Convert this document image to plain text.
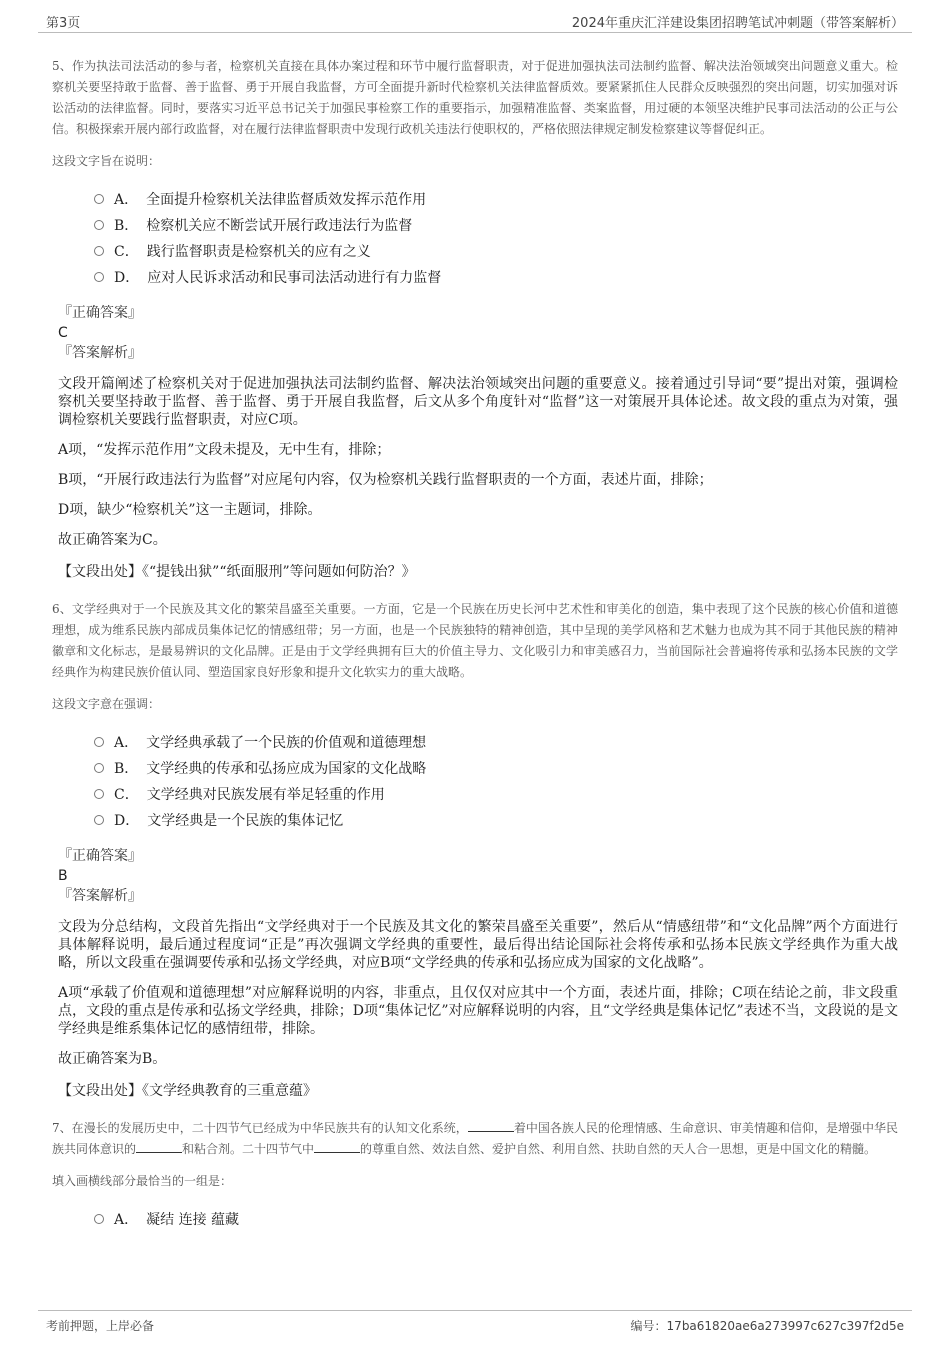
第3页	2024年重庆汇洋建设集团招聘笔试冲刺题（带答案解析）

5、作为执法司法活动的参与者，检察机关直接在具体办案过程和环节中履行监督职责，对于促进加强执法司法制约监督、解决法治领域突出问题意义重大。检察机关要坚持敢于监督、善于监督、勇于开展自我监督，方可全面提升新时代检察机关法律监督质效。要紧紧抓住人民群众反映强烈的突出问题，切实加强对诉讼活动的法律监督。同时，要落实习近平总书记关于加强民事检察工作的重要指示，加强精准监督、类案监督，用过硬的本领坚决维护民事司法活动的公正与公信。积极探索开展内部行政监督，对在履行法律监督职责中发现行政机关违法行使职权的，严格依照法律规定制发检察建议等督促纠正。

这段文字旨在说明：

A． 全面提升检察机关法律监督质效发挥示范作用
B． 检察机关应不断尝试开展行政违法行为监督
C． 践行监督职责是检察机关的应有之义
D． 应对人民诉求活动和民事司法活动进行有力监督
『正确答案』
C
『答案解析』

文段开篇阐述了检察机关对于促进加强执法司法制约监督、解决法治领域突出问题的重要意义。接着通过引导词“要”提出对策，强调检察机关要坚持敢于监督、善于监督、勇于开展自我监督，后文从多个角度针对“监督”这一对策展开具体论述。故文段的重点为对策，强调检察机关要践行监督职责，对应C项。

A项，“发挥示范作用”文段未提及，无中生有，排除；

B项，“开展行政违法行为监督”对应尾句内容，仅为检察机关践行监督职责的一个方面，表述片面，排除；

D项，缺少“检察机关”这一主题词，排除。

故正确答案为C。

【文段出处】《“提钱出狱”“纸面服刑”等问题如何防治？》

6、文学经典对于一个民族及其文化的繁荣昌盛至关重要。一方面，它是一个民族在历史长河中艺术性和审美化的创造，集中表现了这个民族的核心价值和道德理想，成为维系民族内部成员集体记忆的情感纽带；另一方面，也是一个民族独特的精神创造，其中呈现的美学风格和艺术魅力也成为其不同于其他民族的精神徽章和文化标志，是最易辨识的文化品牌。正是由于文学经典拥有巨大的价值主导力、文化吸引力和审美感召力，当前国际社会普遍将传承和弘扬本民族的文学经典作为构建民族价值认同、塑造国家良好形象和提升文化软实力的重大战略。

这段文字意在强调：

A． 文学经典承载了一个民族的价值观和道德理想
B． 文学经典的传承和弘扬应成为国家的文化战略
C． 文学经典对民族发展有举足轻重的作用
D． 文学经典是一个民族的集体记忆
『正确答案』
B
『答案解析』

文段为分总结构，文段首先指出“文学经典对于一个民族及其文化的繁荣昌盛至关重要”，然后从“情感纽带”和“文化品牌”两个方面进行具体解释说明，最后通过程度词“正是”再次强调文学经典的重要性，最后得出结论国际社会将传承和弘扬本民族文学经典作为重大战略，所以文段重在强调要传承和弘扬文学经典，对应B项“文学经典的传承和弘扬应成为国家的文化战略”。

A项“承载了价值观和道德理想”对应解释说明的内容，非重点，且仅仅对应其中一个方面，表述片面，排除；C项在结论之前，非文段重点，文段的重点是传承和弘扬文学经典，排除；D项“集体记忆”对应解释说明的内容，且“文学经典是集体记忆”表述不当，文段说的是文学经典是维系集体记忆的感情纽带，排除。

故正确答案为B。

【文段出处】《文学经典教育的三重意蕴》

7、在漫长的发展历史中，二十四节气已经成为中华民族共有的认知文化系统，	着中国各族人民的伦理情感、生命意识、审美情趣和信仰，是增强中华民族共同体意识的	和粘合剂。二十四节气中	的尊重自然、效法自然、爱护自然、利用自然、扶助自然的天人合一思想，更是中国文化的精髓。

填入画横线部分最恰当的一组是：

A． 凝结 连接 蕴藏
考前押题，上岸必备	编号：17ba61820ae6a273997c627c397f2d5e
